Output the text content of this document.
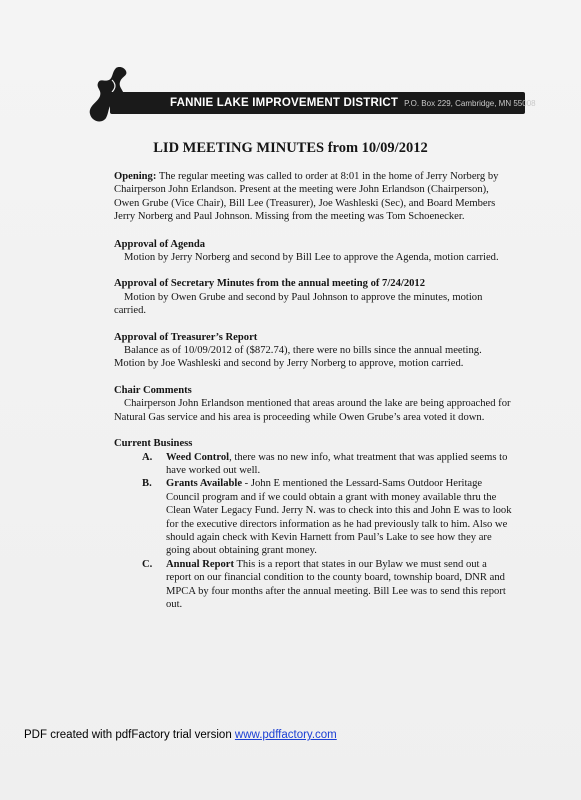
FANNIE LAKE IMPROVEMENT DISTRICT P.O. Box 229, Cambridge, MN 55008
LID MEETING MINUTES from 10/09/2012

Opening: The regular meeting was called to order at 8:01 in the home of Jerry Norberg by Chairperson John Erlandson. Present at the meeting were John Erlandson (Chairperson), Owen Grube (Vice Chair), Bill Lee (Treasurer), Joe Washleski (Sec), and Board Members Jerry Norberg and Paul Johnson. Missing from the meeting was Tom Schoenecker.

Approval of Agenda
Motion by Jerry Norberg and second by Bill Lee to approve the Agenda, motion carried.
Approval of Secretary Minutes from the annual meeting of 7/24/2012
Motion by Owen Grube and second by Paul Johnson to approve the minutes, motion carried.
Approval of Treasurer’s Report
Balance as of 10/09/2012 of ($872.74), there were no bills since the annual meeting. Motion by Joe Washleski and second by Jerry Norberg to approve, motion carried.
Chair Comments
Chairperson John Erlandson mentioned that areas around the lake are being approached for Natural Gas service and his area is proceeding while Owen Grube’s area voted it down.
Current Business
A.	Weed Control, there was no new info, what treatment that was applied seems to have worked out well.
B.	Grants Available - John E mentioned the Lessard-Sams Outdoor Heritage Council program and if we could obtain a grant with money available thru the Clean Water Legacy Fund. Jerry N. was to check into this and John E was to look for the executive directors information as he had previously talk to him. Also we should again check with Kevin Harnett from Paul’s Lake to see how they are going about obtaining grant money.
C.	Annual Report This is a report that states in our Bylaw we must send out a report on our financial condition to the county board, township board, DNR and MPCA by four months after the annual meeting. Bill Lee was to send this report out.
PDF created with pdfFactory trial version www.pdffactory.com
